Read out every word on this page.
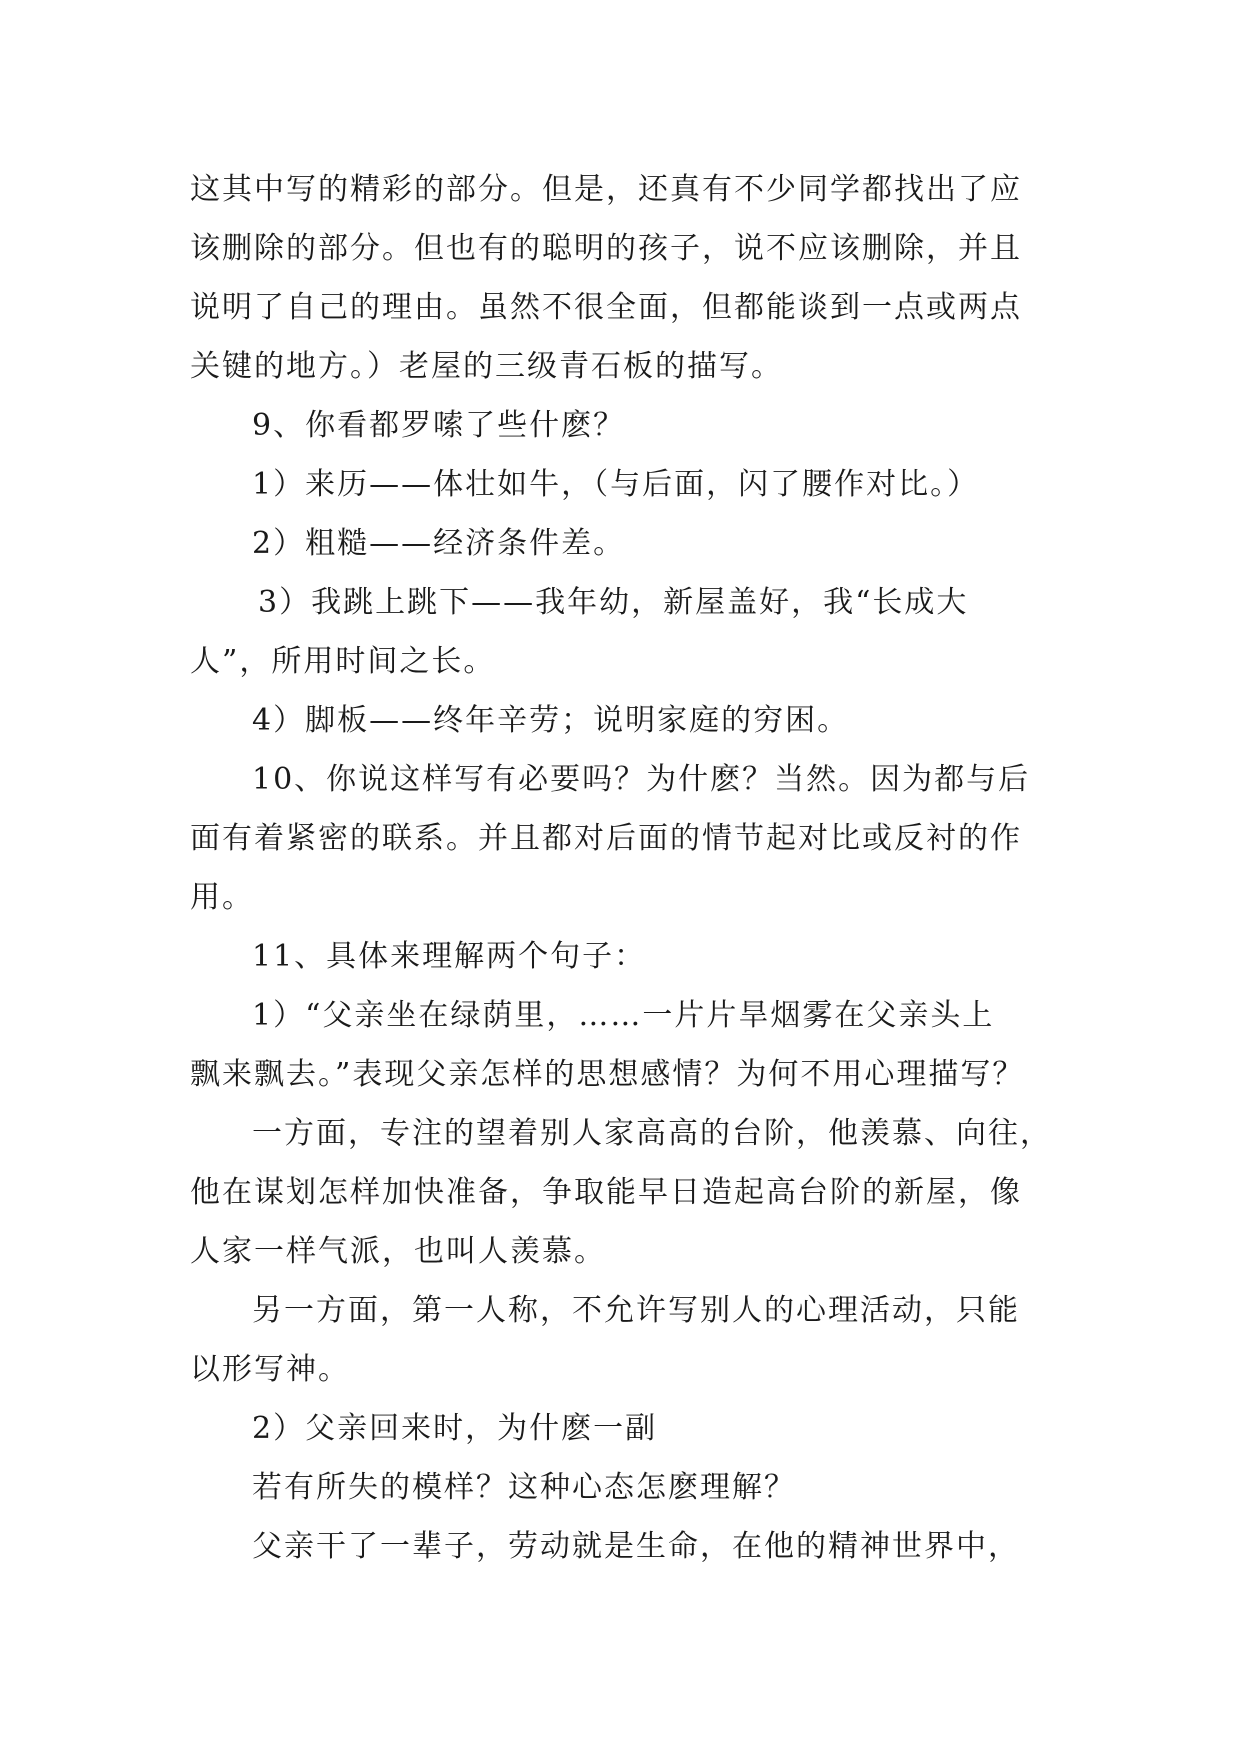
这其中写的精彩的部分。但是，还真有不少同学都找出了应
该删除的部分。但也有的聪明的孩子，说不应该删除，并且
说明了自己的理由。虽然不很全面，但都能谈到一点或两点
关键的地方。）老屋的三级青石板的描写。
9、你看都罗嗦了些什麽？
1）来历——体壮如牛，（与后面，闪了腰作对比。）
2）粗糙——经济条件差。
3）我跳上跳下——我年幼，新屋盖好，我“长成大
人”，所用时间之长。
4）脚板——终年辛劳；说明家庭的穷困。
10、你说这样写有必要吗？为什麽？当然。因为都与后
面有着紧密的联系。并且都对后面的情节起对比或反衬的作
用。
11、具体来理解两个句子：
1）“父亲坐在绿荫里，……一片片旱烟雾在父亲头上
飘来飘去。”表现父亲怎样的思想感情？为何不用心理描写？
一方面，专注的望着别人家高高的台阶，他羡慕、向往，
他在谋划怎样加快准备，争取能早日造起高台阶的新屋，像
人家一样气派，也叫人羡慕。
另一方面，第一人称，不允许写别人的心理活动，只能
以形写神。
2）父亲回来时，为什麽一副
若有所失的模样？这种心态怎麽理解？
父亲干了一辈子，劳动就是生命，在他的精神世界中，
